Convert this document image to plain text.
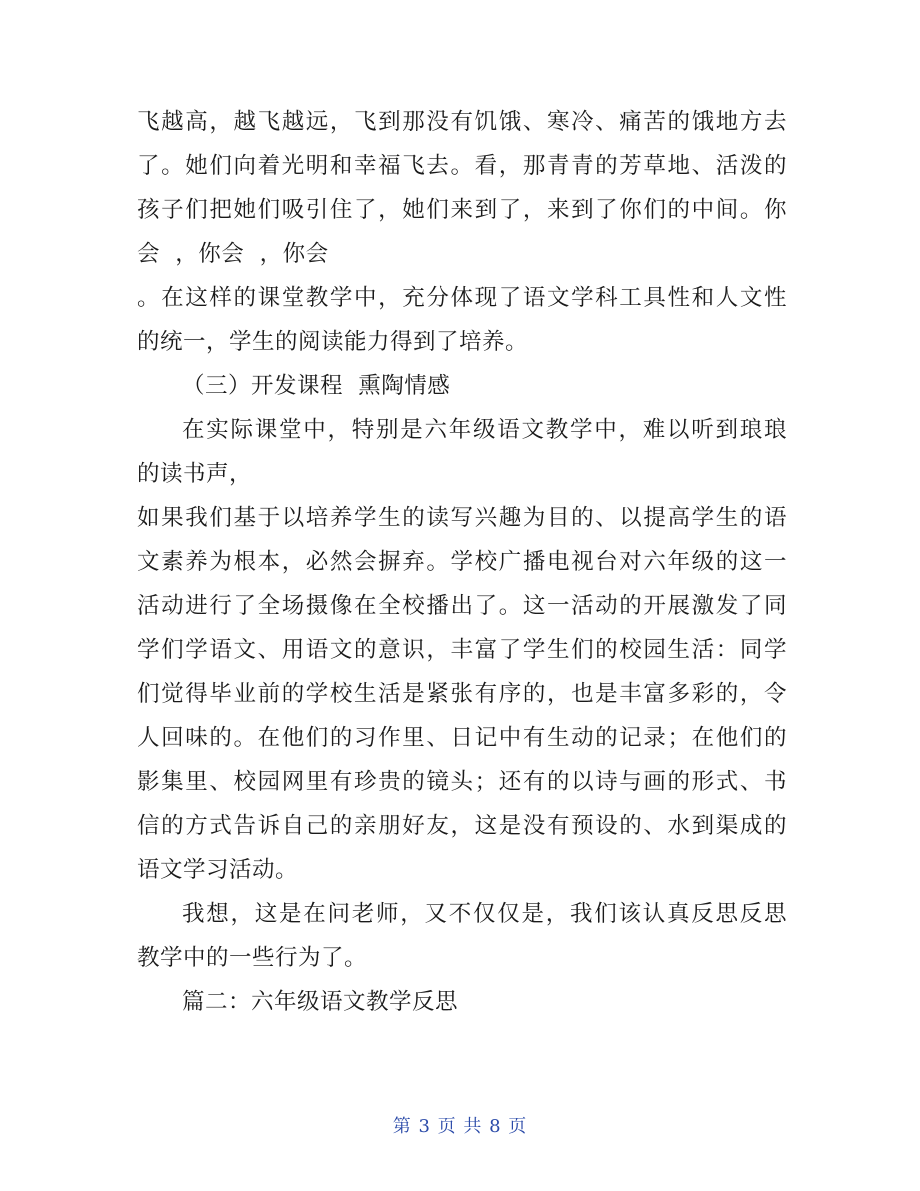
飞越高，越飞越远，飞到那没有饥饿、寒冷、痛苦的饿地方去
了。她们向着光明和幸福飞去。看，那青青的芳草地、活泼的
孩子们把她们吸引住了，她们来到了，来到了你们的中间。你
会  ，你会  ，你会
。在这样的课堂教学中，充分体现了语文学科工具性和人文性
的统一，学生的阅读能力得到了培养。
（三）开发课程  熏陶情感
在实际课堂中，特别是六年级语文教学中，难以听到琅琅
的读书声，
如果我们基于以培养学生的读写兴趣为目的、以提高学生的语
文素养为根本，必然会摒弃。学校广播电视台对六年级的这一
活动进行了全场摄像在全校播出了。这一活动的开展激发了同
学们学语文、用语文的意识，丰富了学生们的校园生活：同学
们觉得毕业前的学校生活是紧张有序的，也是丰富多彩的，令
人回味的。在他们的习作里、日记中有生动的记录；在他们的
影集里、校园网里有珍贵的镜头；还有的以诗与画的形式、书
信的方式告诉自己的亲朋好友，这是没有预设的、水到渠成的
语文学习活动。
我想，这是在问老师，又不仅仅是，我们该认真反思反思
教学中的一些行为了。
篇二：六年级语文教学反思
第 3 页 共 8 页
